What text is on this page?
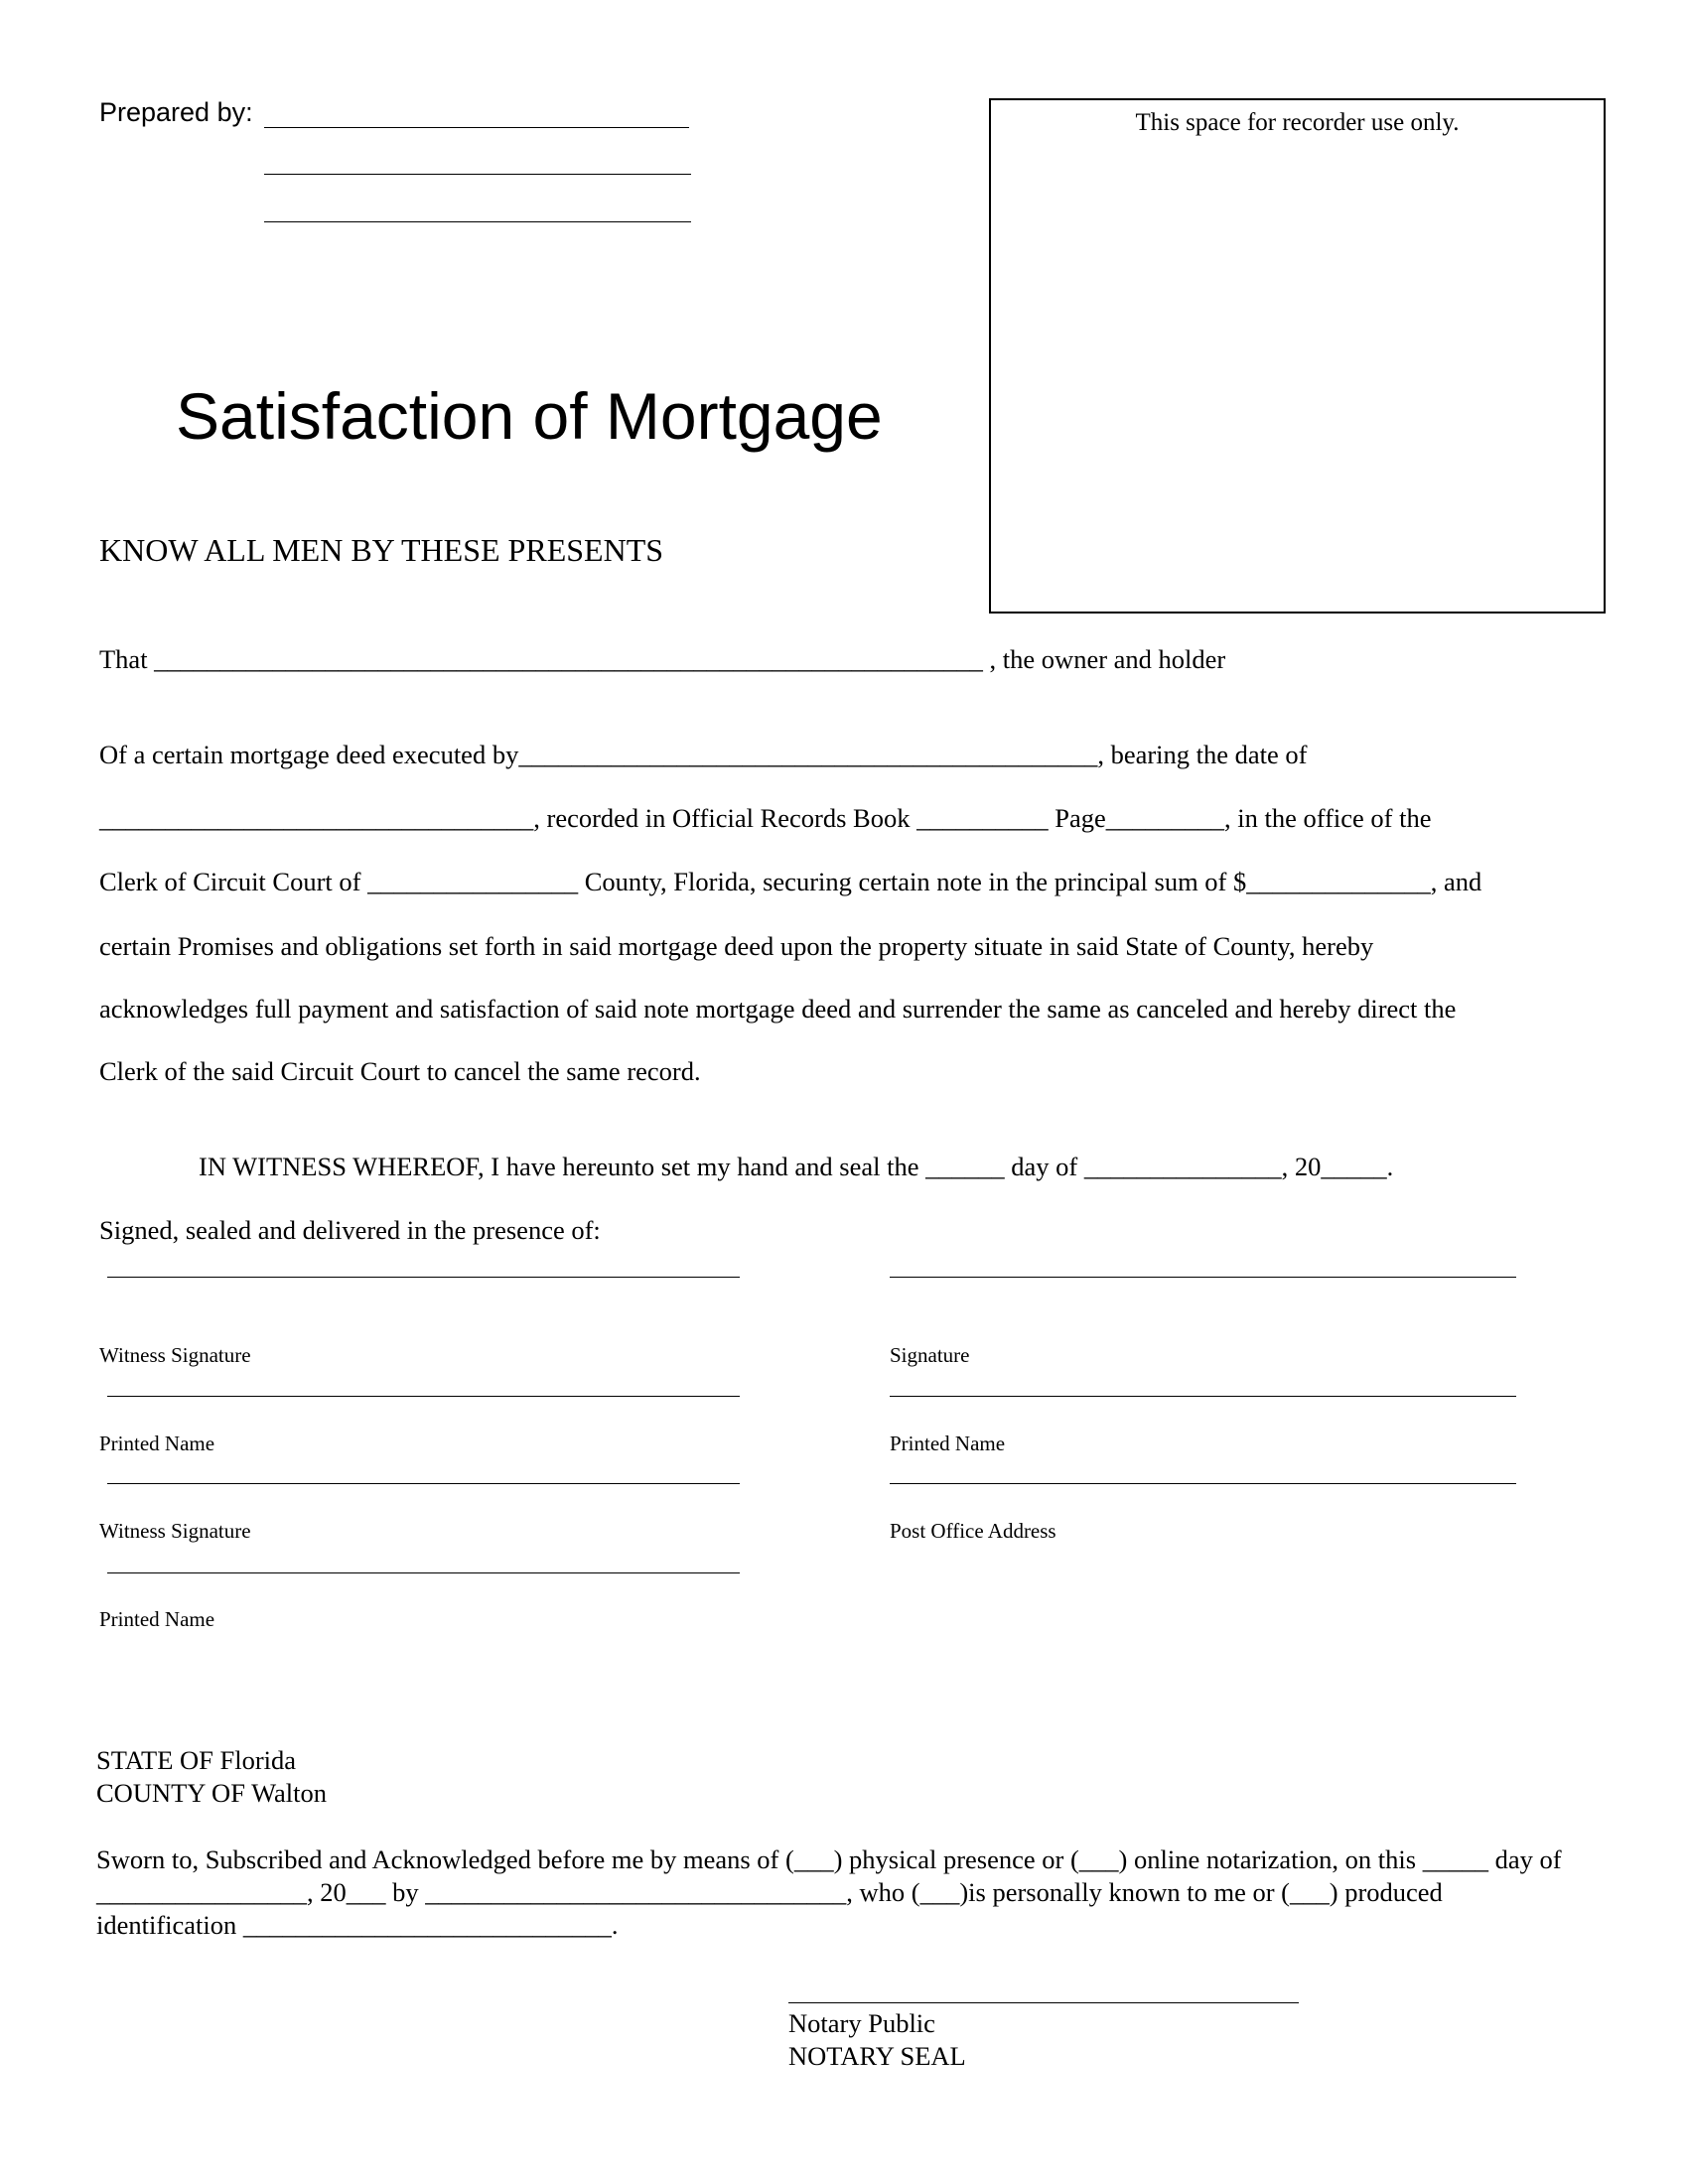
Prepared by:	This space for recorder use only.
Satisfaction of Mortgage
KNOW ALL MEN BY THESE PRESENTS
That _______________________________________________________________ , the owner and holder
Of a certain mortgage deed executed by____________________________________________, bearing the date of
_________________________________, recorded in Official Records Book __________ Page_________, in the office of the
Clerk of Circuit Court of ________________ County, Florida, securing certain note in the principal sum of $______________, and
certain Promises and obligations set forth in said mortgage deed upon the property situate in said State of County, hereby
acknowledges full payment and satisfaction of said note mortgage deed and surrender the same as canceled and hereby direct the
Clerk of the said Circuit Court to cancel the same record.
IN WITNESS WHEREOF, I have hereunto set my hand and seal the ______ day of _______________, 20_____.
Signed, sealed and delivered in the presence of:
Witness Signature
Printed Name
Witness Signature
Printed Name
Signature
Printed Name
Post Office Address
STATE OF Florida
COUNTY OF Walton
Sworn to, Subscribed and Acknowledged before me by means of (___) physical presence or (___) online notarization, on this _____ day of
________________, 20___ by ________________________________, who (___)is personally known to me or (___) produced
identification ____________________________.
Notary Public
NOTARY SEAL
